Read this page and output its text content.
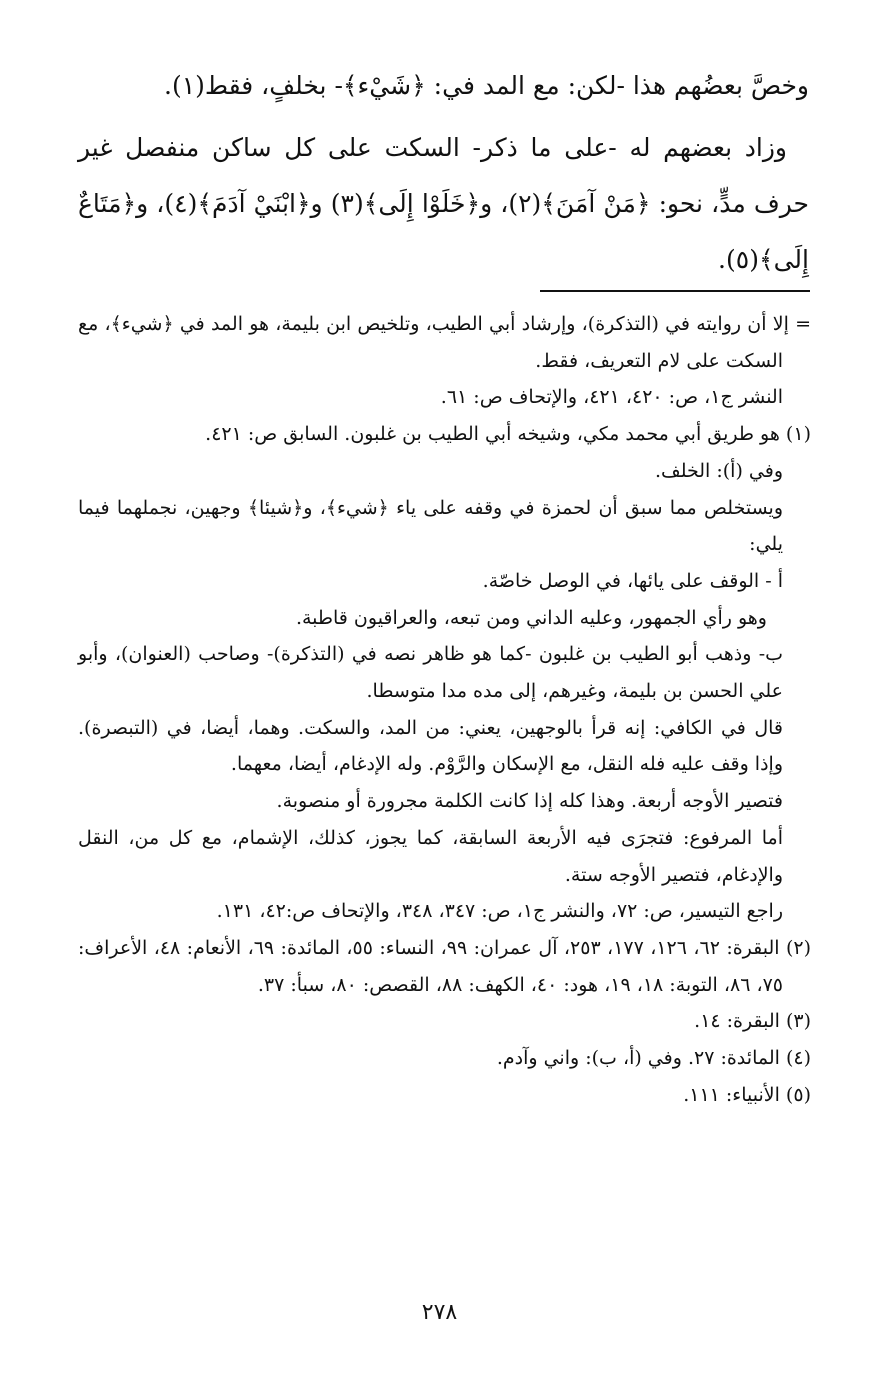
وخصَّ بعضُهم هذا -لكن: مع المد في: ﴿شَيْء﴾- بخلفٍ، فقط(١).

وزاد بعضهم له -على ما ذكر- السكت على كل ساكن منفصل غير حرف مدٍّ، نحو: ﴿مَنْ آمَنَ﴾(٢)، و﴿خَلَوْا إِلَى﴾(٣) و﴿ابْنَيْ آدَمَ﴾(٤)، و﴿مَتَاعٌ إِلَى﴾(٥).

= إلا أن روايته في (التذكرة)، وإرشاد أبي الطيب، وتلخيص ابن بليمة، هو المد في ﴿شيء﴾، مع السكت على لام التعريف، فقط.

النشر ج١، ص: ٤٢٠، ٤٢١، والإتحاف ص: ٦١.

(١) هو طريق أبي محمد مكي، وشيخه أبي الطيب بن غلبون. السابق ص: ٤٢١.

وفي (أ): الخلف.

ويستخلص مما سبق أن لحمزة في وقفه على ياء ﴿شيء﴾، و﴿شيئا﴾ وجهين، نجملهما فيما يلي:

أ - الوقف على يائها، في الوصل خاصّة.

وهو رأي الجمهور، وعليه الداني ومن تبعه، والعراقيون قاطبة.

ب- وذهب أبو الطيب بن غلبون -كما هو ظاهر نصه في (التذكرة)- وصاحب (العنوان)، وأبو علي الحسن بن بليمة، وغيرهم، إلى مده مدا متوسطا.

قال في الكافي: إنه قرأ بالوجهين، يعني: من المد، والسكت. وهما، أيضا، في (التبصرة). وإذا وقف عليه فله النقل، مع الإسكان والرَّوْم. وله الإدغام، أيضا، معهما.

فتصير الأوجه أربعة. وهذا كله إذا كانت الكلمة مجرورة أو منصوبة.

أما المرفوع: فتجرَى فيه الأربعة السابقة، كما يجوز، كذلك، الإشمام، مع كل من، النقل والإدغام، فتصير الأوجه ستة.

راجع التيسير، ص: ٧٢، والنشر ج١، ص: ٣٤٧، ٣٤٨، والإتحاف ص:٤٢، ١٣١.

(٢) البقرة: ٦٢، ١٢٦، ١٧٧، ٢٥٣، آل عمران: ٩٩، النساء: ٥٥، المائدة: ٦٩، الأنعام: ٤٨، الأعراف: ٧٥، ٨٦، التوبة: ١٨، ١٩، هود: ٤٠، الكهف: ٨٨، القصص: ٨٠، سبأ: ٣٧.

(٣) البقرة: ١٤.

(٤) المائدة: ٢٧. وفي (أ، ب): واني وآدم.

(٥) الأنبياء: ١١١.

٢٧٨
